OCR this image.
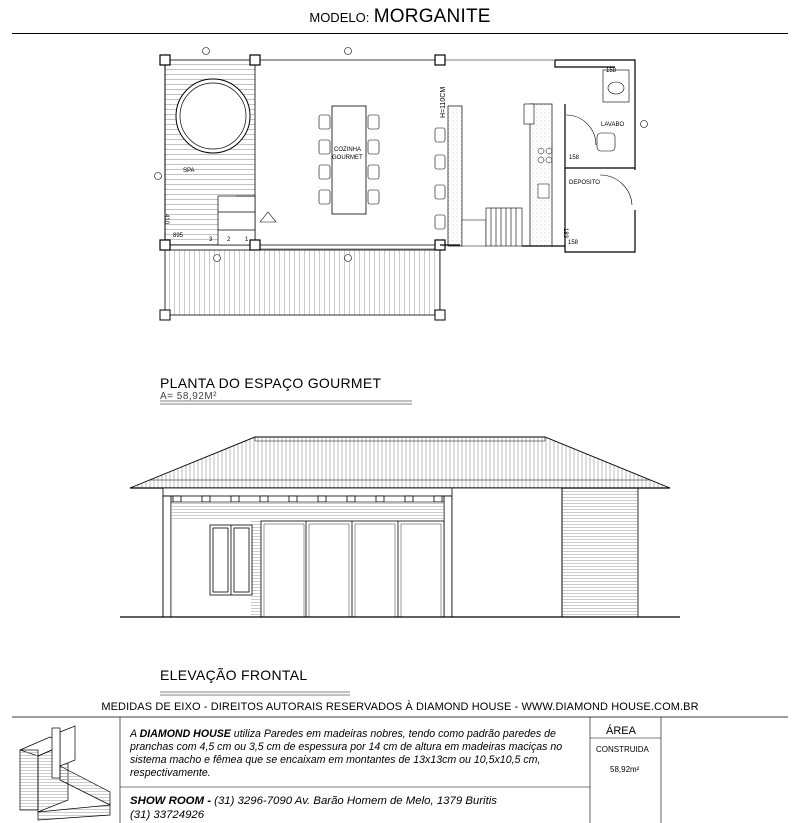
MODELO: MORGANITE
SPA
COZINHA
GOURMET
LAVABO
DEPOSITO
H=110CM
410
895
3 2 1
158
158
158
183
PLANTA DO ESPAÇO GOURMET
A= 58,92M²
ELEVAÇÃO FRONTAL
MEDIDAS DE EIXO - DIREITOS AUTORAIS RESERVADOS À DIAMOND HOUSE - WWW.DIAMOND HOUSE.COM.BR
A DIAMOND HOUSE utiliza Paredes em madeiras nobres, tendo como padrão paredes de pranchas com 4,5 cm ou 3,5 cm de espessura por 14 cm de altura em madeiras maciças no sistema macho e fêmea que se encaixam em montantes de 13x13cm ou 10,5x10,5 cm, respectivamente.
SHOW ROOM - (31) 3296-7090 Av. Barão Homem de Melo, 1379 Buritis
(31) 33724926
ÁREA
CONSTRUIDA
58,92m²
